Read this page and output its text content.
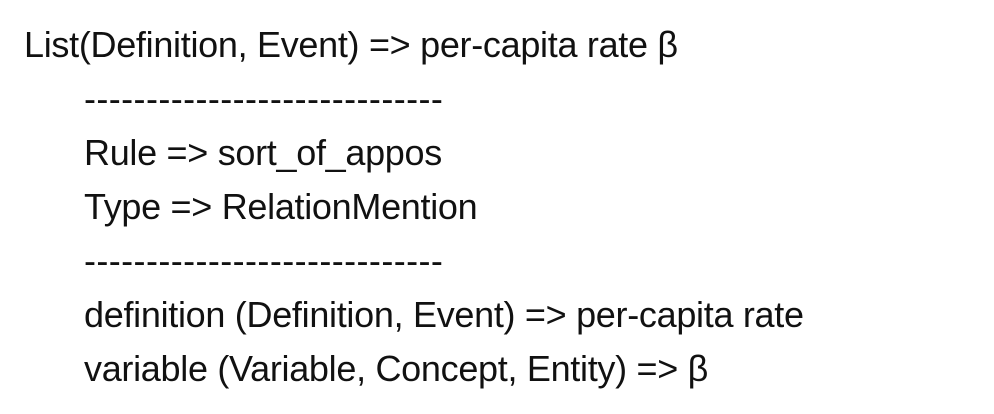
List(Definition, Event) => per-capita rate β
-----------------------------
Rule => sort_of_appos
Type => RelationMention
-----------------------------
definition (Definition, Event) => per-capita rate
variable (Variable, Concept, Entity) => β
